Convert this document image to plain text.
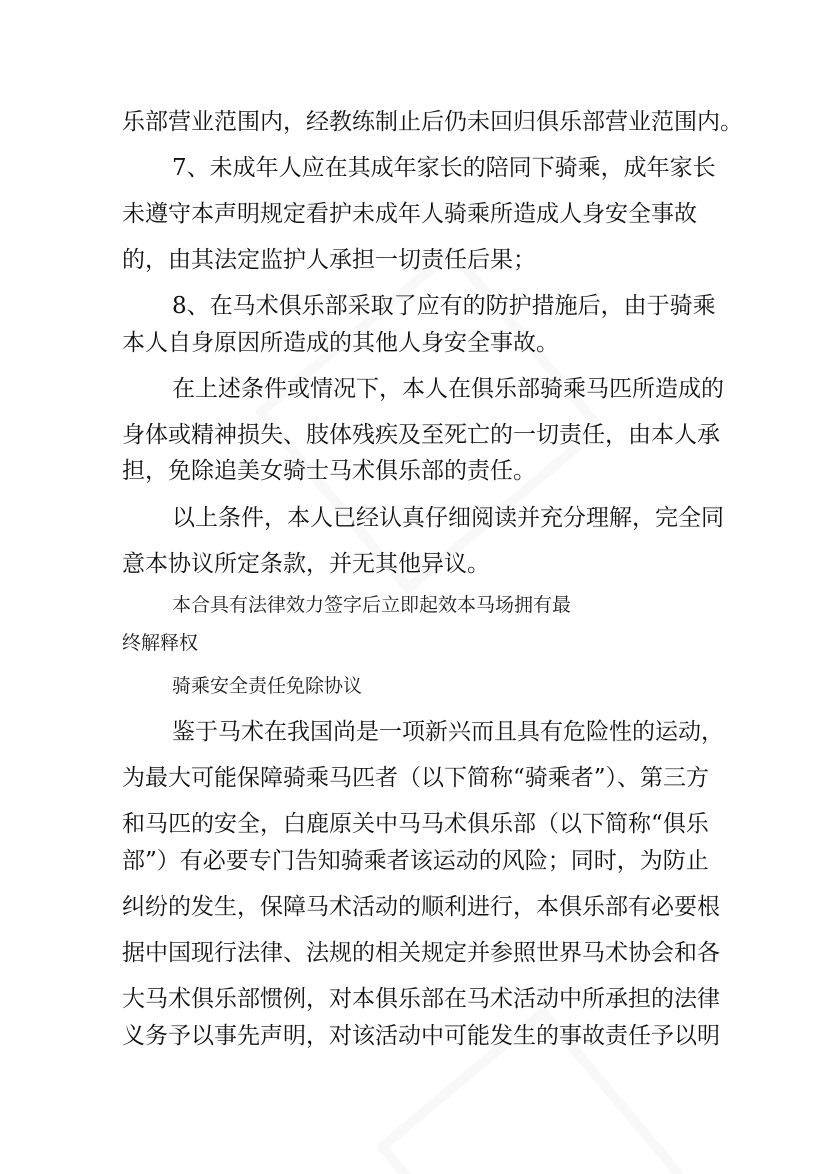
乐部营业范围内，经教练制止后仍未回归俱乐部营业范围内。
7、未成年人应在其成年家长的陪同下骑乘，成年家长
未遵守本声明规定看护未成年人骑乘所造成人身安全事故
的，由其法定监护人承担一切责任后果；
8、在马术俱乐部采取了应有的防护措施后，由于骑乘
本人自身原因所造成的其他人身安全事故。
在上述条件或情况下，本人在俱乐部骑乘马匹所造成的
身体或精神损失、肢体残疾及至死亡的一切责任，由本人承
担，免除追美女骑士马术俱乐部的责任。
以上条件，本人已经认真仔细阅读并充分理解，完全同
意本协议所定条款，并无其他异议。
本合具有法律效力签字后立即起效本马场拥有最
终解释权
骑乘安全责任免除协议
鉴于马术在我国尚是一项新兴而且具有危险性的运动，
为最大可能保障骑乘马匹者（以下简称“骑乘者”）、第三方
和马匹的安全，白鹿原关中马马术俱乐部（以下简称“俱乐
部”）有必要专门告知骑乘者该运动的风险；同时，为防止
纠纷的发生，保障马术活动的顺利进行，本俱乐部有必要根
据中国现行法律、法规的相关规定并参照世界马术协会和各
大马术俱乐部惯例，对本俱乐部在马术活动中所承担的法律
义务予以事先声明，对该活动中可能发生的事故责任予以明
